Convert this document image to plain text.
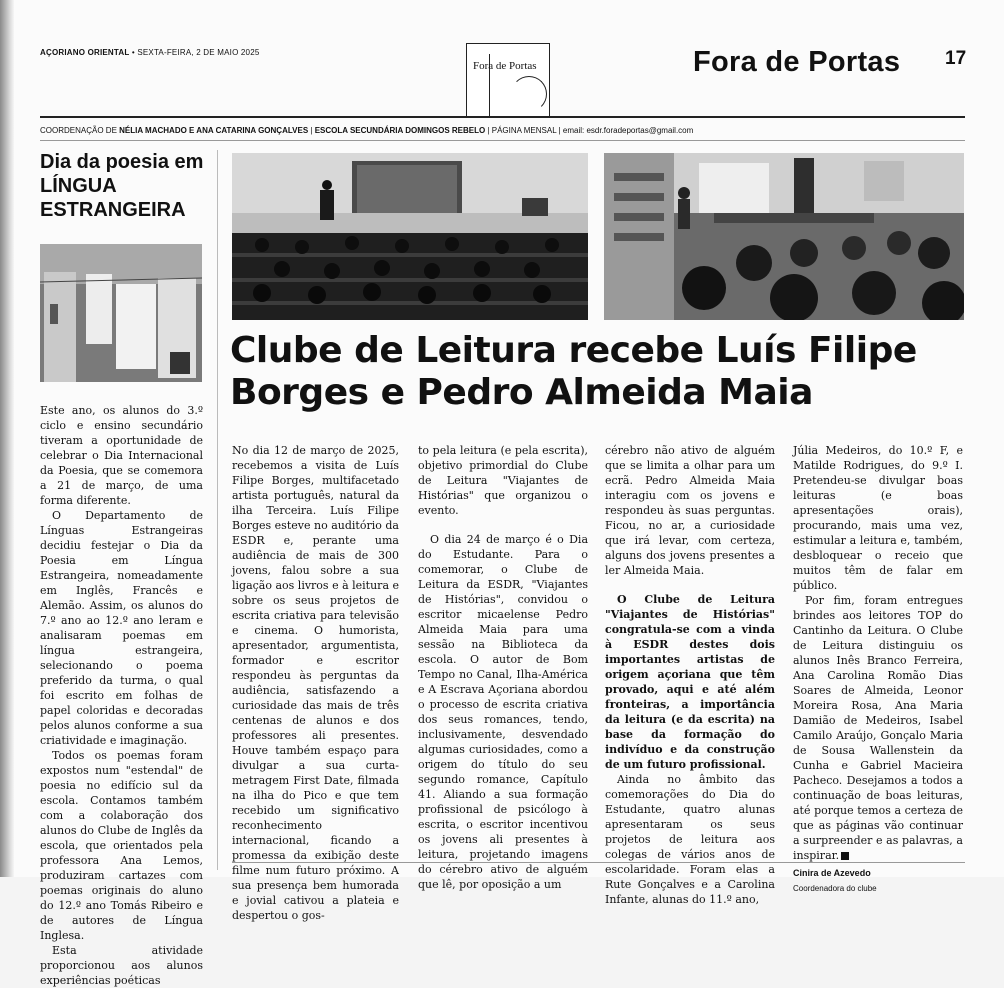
AÇORIANO ORIENTAL • SEXTA-FEIRA, 2 DE MAIO 2025
Fora de Portas	Fora de Portas 17
COORDENAÇÃO DE NÉLIA MACHADO E ANA CATARINA GONÇALVES | ESCOLA SECUNDÁRIA DOMINGOS REBELO | PÁGINA MENSAL | email: esdr.foradeportas@gmail.com
Dia da poesia em LÍNGUA ESTRANGEIRA

Este ano, os alunos do 3.º ciclo e ensino secundário tiveram a oportunidade de celebrar o Dia Internacional da Poesia, que se comemora a 21 de março, de uma forma diferente.

O Departamento de Línguas Estrangeiras decidiu festejar o Dia da Poesia em Língua Estrangeira, nomeadamente em Inglês, Francês e Alemão. Assim, os alunos do 7.º ano ao 12.º ano leram e analisaram poemas em língua estrangeira, selecionando o poema preferido da turma, o qual foi escrito em folhas de papel coloridas e decoradas pelos alunos conforme a sua criatividade e imaginação.

Todos os poemas foram expostos num "estendal" de poesia no edifício sul da escola. Contamos também com a colaboração dos alunos do Clube de Inglês da escola, que orientados pela professora Ana Lemos, produziram cartazes com poemas originais do aluno do 12.º ano Tomás Ribeiro e de autores de Língua Inglesa.

Esta atividade proporcionou aos alunos experiências poéticas

Clube de Leitura recebe Luís Filipe Borges e Pedro Almeida Maia

No dia 12 de março de 2025, recebemos a visita de Luís Filipe Borges, multifacetado artista português, natural da ilha Terceira. Luís Filipe Borges esteve no auditório da ESDR e, perante uma audiência de mais de 300 jovens, falou sobre a sua ligação aos livros e à leitura e sobre os seus projetos de escrita criativa para televisão e cinema. O humorista, apresentador, argumentista, formador e escritor respondeu às perguntas da audiência, satisfazendo a curiosidade das mais de três centenas de alunos e dos professores ali presentes. Houve também espaço para divulgar a sua curta-metragem First Date, filmada na ilha do Pico e que tem recebido um significativo reconhecimento internacional, ficando a promessa da exibição deste filme num futuro próximo. A sua presença bem humorada e jovial cativou a plateia e despertou o gos-

to pela leitura (e pela escrita), objetivo primordial do Clube de Leitura "Viajantes de Histórias" que organizou o evento.

O dia 24 de março é o Dia do Estudante. Para o comemorar, o Clube de Leitura da ESDR, "Viajantes de Histórias", convidou o escritor micaelense Pedro Almeida Maia para uma sessão na Biblioteca da escola. O autor de Bom Tempo no Canal, Ilha-América e A Escrava Açoriana abordou o processo de escrita criativa dos seus romances, tendo, inclusivamente, desvendado algumas curiosidades, como a origem do título do seu segundo romance, Capítulo 41. Aliando a sua formação profissional de psicólogo à escrita, o escritor incentivou os jovens ali presentes à leitura, projetando imagens do cérebro ativo de alguém que lê, por oposição a um

cérebro não ativo de alguém que se limita a olhar para um ecrã. Pedro Almeida Maia interagiu com os jovens e respondeu às suas perguntas. Ficou, no ar, a curiosidade que irá levar, com certeza, alguns dos jovens presentes a ler Almeida Maia.

O Clube de Leitura "Viajantes de Histórias" congratula-se com a vinda à ESDR destes dois importantes artistas de origem açoriana que têm provado, aqui e até além fronteiras, a importância da leitura (e da escrita) na base da formação do indivíduo e da construção de um futuro profissional.

Ainda no âmbito das comemorações do Dia do Estudante, quatro alunas apresentaram os seus projetos de leitura aos colegas de vários anos de escolaridade. Foram elas a Rute Gonçalves e a Carolina Infante, alunas do 11.º ano,

Júlia Medeiros, do 10.º F, e Matilde Rodrigues, do 9.º I. Pretendeu-se divulgar boas leituras (e boas apresentações orais), procurando, mais uma vez, estimular a leitura e, também, desbloquear o receio que muitos têm de falar em público.

Por fim, foram entregues brindes aos leitores TOP do Cantinho da Leitura. O Clube de Leitura distinguiu os alunos Inês Branco Ferreira, Ana Carolina Romão Dias Soares de Almeida, Leonor Moreira Rosa, Ana Maria Damião de Medeiros, Isabel Camilo Araújo, Gonçalo Maria de Sousa Wallenstein da Cunha e Gabriel Macieira Pacheco. Desejamos a todos a continuação de boas leituras, até porque temos a certeza de que as páginas vão continuar a surpreender e as palavras, a inspirar.

Cinira de Azevedo
Coordenadora do clube
